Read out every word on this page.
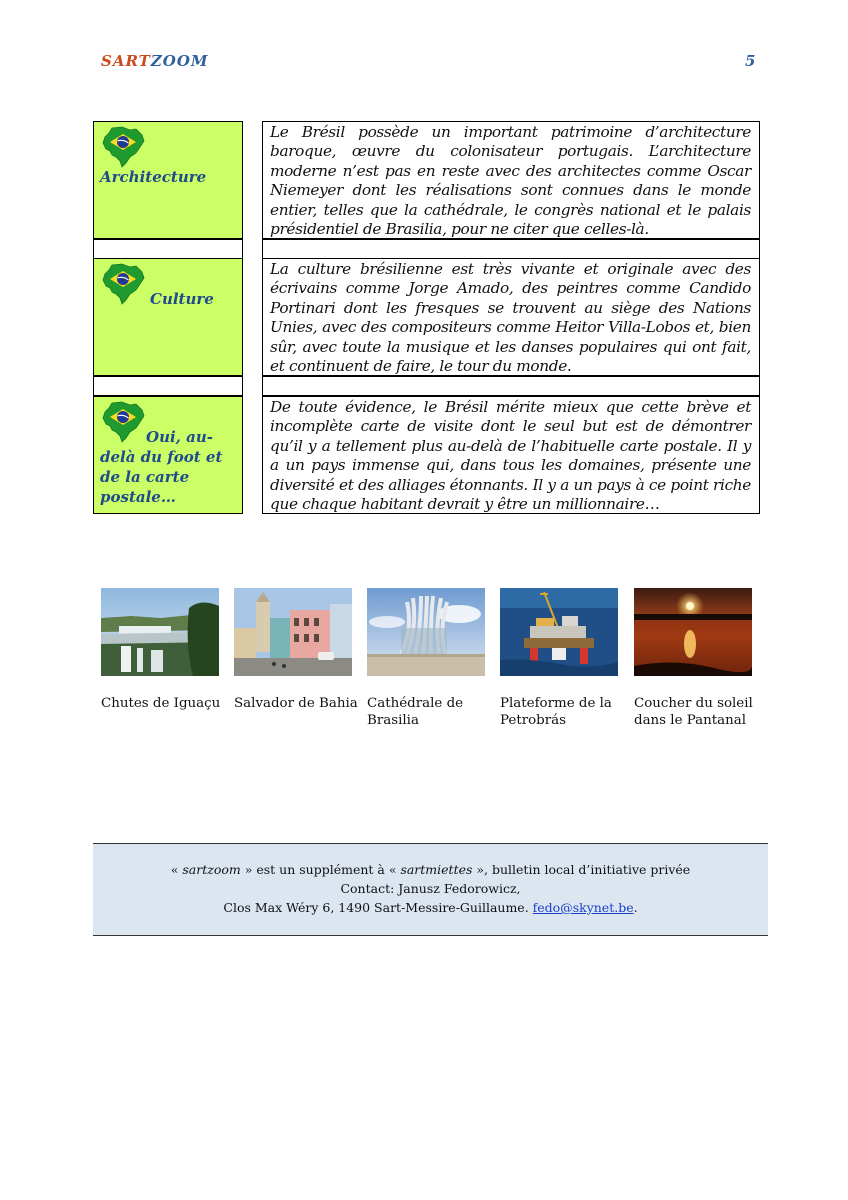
SARTZOOM	5
Architecture

Le Brésil possède un important patrimoine d’architecture baroque, œuvre du colonisateur portugais. L’architecture moderne n’est pas en reste avec des architectes comme Oscar Niemeyer dont les réalisations sont connues dans le monde entier, telles que la cathédrale, le congrès national et le palais présidentiel de Brasilia, pour ne citer que celles-là.

Culture

La culture brésilienne est très vivante et originale avec des écrivains comme Jorge Amado, des peintres comme Candido Portinari dont les fresques se trouvent au siège des Nations Unies, avec des compositeurs comme Heitor Villa-Lobos et, bien sûr, avec toute la musique et les danses populaires qui ont fait, et continuent de faire, le tour du monde.

Oui, au-
delà du foot et
de la carte
postale…

De toute évidence, le Brésil mérite mieux que cette brève et incomplète carte de visite dont le seul but est de démontrer qu’il y a tellement plus au-delà de l’habituelle carte postale. Il y a un pays immense qui, dans tous les domaines, présente une diversité et des alliages étonnants. Il y a un pays à ce point riche que chaque habitant devrait y être un millionnaire…

Chutes de Iguaçu	Salvador de Bahia Cathédrale de
Brasilia
Plateforme de la
Petrobrás
Coucher du soleil
dans le Pantanal
« sartzoom » est un supplément à « sartmiettes », bulletin local d’initiative privée
Contact: Janusz Fedorowicz,
Clos Max Wéry 6, 1490 Sart-Messire-Guillaume. fedo@skynet.be.
